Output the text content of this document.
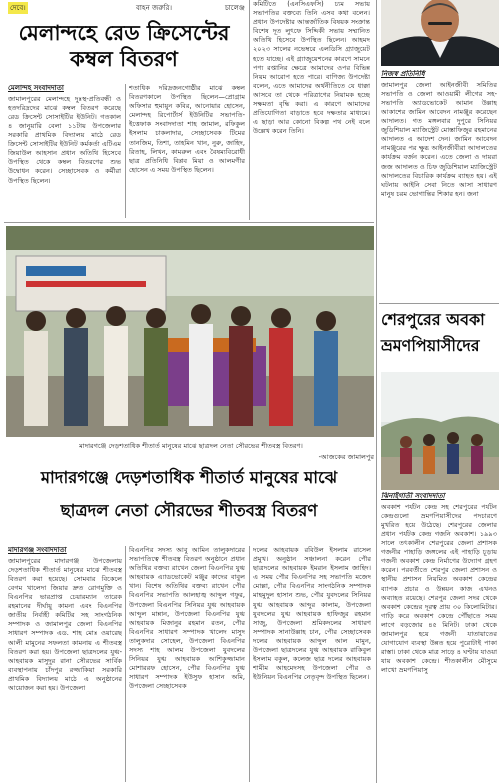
দেবে।	বাহন জরুরি।	চালেঞ্জ
মেলান্দহে রেড ক্রিসেন্টের
কম্বল বিতরণ

মেলান্দহ সংবাদদাতা

জামালপুরের মেলান্দহে দুঃস্থ-প্রতিবন্ধী ও হতদরিদ্রদের মাঝে কম্বল বিতরণ করেছে রেড ক্রিসেন্ট সোসাইটির ইউনিট। গতকাল ৪ জানুয়ারি বেলা ১১টায় উপজেলার সরকারি প্রাথমিক বিদ্যালয় মাঠে রেড ক্রিসেন্ট সোসাইটির ইউনিট কর্মকর্তা এটিএম জিয়াউল আহসান প্রধান অতিথি হিসেবে উপস্থিত থেকে কম্বল বিতরণের শুভ উদ্বোধন করেন। সেচ্ছাসেবক ও কর্মীরা উপস্থিত ছিলেন।

শতাধিক দরিদ্রজনগোষ্ঠীর মাঝে কম্বল বিতরণকালে উপস্থিত ছিলেন—প্রোগ্রাম অফিসার হুমায়ুন কবির, আনোয়ার হোসেন, মেলান্দহ রিপোর্টার্স ইউনিটির সভাপতি-ইত্তেফাক সংবাদদাতা শাহ জামাল, রফিকুল ইসলাম চাকলাদার, সেচ্ছাসেবক টিমের তানজিম, তিশা, তাহমিন খান, নুরু, জাহিদ, রিতাহ, লিখন, কামরুল এবং বৈষম্যবিরোধী ছাত্র প্রতিনিধি বিপ্লব মিয়া ও আলমগীর হোসেন এ সময় উপস্থিত ছিলেন।

কমিটিতে (এনসিএফসি) চ্যম সভায় সভাপতির বক্তব্যে তিনি এসব কথা বলেন। প্রধান উপদেষ্টার আন্তর্জাতিক বিষয়ক সংক্রান্ত বিশেষ দূত লুৎফে সিদ্দিকী সভায় সম্মানিত অতিথি হিসেবে উপস্থিত ছিলেন। আহমদ ২০২৩ সালের নভেম্বরে এলডিসি গ্র্যাজুয়েট হতে যাচ্ছে। এই গ্র্যাজুয়েশনের কারণে সামনে পণ্য রপ্তানির ক্ষেত্রে আমাদের ওপর বিভিন্ন নিয়ম আরোপ হতে পারে। বাণিজ্য উপদেষ্টা বলেন, এতে আমাদের অর্থনীতিতে যে ধাক্কা আসবে তা থেকে পরিত্রাণের নিয়ামক হচ্ছে সক্ষমতা বৃদ্ধি করা। এ কারণে আমাদের প্রতিযোগিতা বাড়াতে হবে দক্ষতার মাধ্যমে। এ ছাড়া আর কোনো বিকল্প পথ নেই বলে উল্লেখ করেন তিনি।

নিজস্ব প্রতিনিধি

জামালপুর জেলা আইনজীবী সমিতির সভাপতি ও জেলা আওয়ামী লীগের সহ-সভাপতি অ্যাডভোকেট আমান উল্লাহ আকাশের জামিন আবেদন নামঞ্জুর করেছেন আদালত। গত মঙ্গলবার দুপুরে সিনিয়র জুডিশিয়াল ম্যাজিস্ট্রেট মোস্তাফিজুর রহমানের আদালত এ আদেশ দেন। জামিন আবেদন নামঞ্জুরের পর ক্ষুব্ধ আইনজীবীরা আদালতের কার্যক্রম বর্জন করেন। এতে জেলা ও দায়রা জজ আদালত ও চিফ জুডিশিয়াল ম্যাজিস্ট্রেট আদালতের বিচারিক কার্যক্রম ব্যাহত হয়। এই ঘটনায় আইনি সেবা নিতে আসা সাধারণ মানুষ চরম ভোগান্তির শিকার হন। জনা

শেরপুরের অবকা
ভ্রমণপিয়াসীদের

ঝিনাইগাতী সংবাদদাতা

অবকাশ পর্যটন কেন্দ্র সহ শেরপুরের পর্যটন কেন্দ্রগুলো ভ্রমণপিয়াসীদের পদচারণে মুখরিত হয়ে উঠেছে। শেরপুরের জেলার প্রধান পর্যটক কেন্দ্র গজনি অবকাশ। ১৯৯৩ সালে তৎকালীন শেরপুরের জেলা প্রশাসক গজনীর পাহাড়ি জঙ্গলের এই পাহাড়ি চূড়ায় গজনী অবকাশ কেন্দ্র নির্মাণের উদ্যোগ গ্রহণ করেন। পরবর্তীতে শেরপুর জেলা প্রশাসন ও স্থানীয় প্রশাসন নিয়মিত অবকাশ কেন্দ্রের ব্যাপক প্রচার ও উন্নয়ন কাজ এখনও অব্যাহত রয়েছে। শেরপুর জেলা সদর থেকে অবকাশ কেন্দ্রের দূরত্ব প্রায় ৩০ কিলোমিটার। গাড়ি করে অবকাশ কেন্দ্রে পৌঁছাতে সময় লাগে বড়জোর ৪৫ মিনিট। ঢাকা থেকে জামালপুর হয়ে গজনী যাতায়াতের যোগাযোগ ব্যবস্থা উন্নত হয়ে পুরোটাই পাকা রাস্তা। ঢাকা থেকে মাত্র সাড়ে ৪ ঘণ্টায় যাওয়া যায় অবকাশ কেন্দ্রে। শীতকালীন মৌসুমে লাখো ভ্রমণপিয়াসু

মাদারগঞ্জে দেড়শতাধিক শীতার্ত মানুষের মাঝে ছাত্রদল নেতা সৌরভের শীতবস্ত্র বিতরণ।
-আজকের জামালপুর
মাদারগঞ্জে দেড়শতাধিক শীতার্ত মানুষের মাঝে
ছাত্রদল নেতা সৌরভের শীতবস্ত্র বিতরণ

মাদারগঞ্জ সংবাদদাতা

জামালপুরের মাদারগঞ্জ উপজেলায় দেড়শতাধিক শীতার্ত মানুষের মাঝে শীতবস্ত্র বিতরণ করা হয়েছে। সোমবার বিকেলে বেগম খালেদা জিয়ার দ্রুত রোগমুক্তি ও বিএনপির ভারপ্রাপ্ত চেয়ারম্যান তারেক রহমানের দীর্ঘায়ু কামনা এবং বিএনপির জাতীয় নির্বাহী কমিটির সহ সাংগঠনিক সম্পাদক ও জামালপুর জেলা বিএনপির সাধারণ সম্পাদক এড. শাহ মোঃ ওয়ারেছ আলী মামুনের সফলতা কামনায় এ শীতবস্ত্র বিতরণ করা হয়। উপজেলা ছাত্রদলের যুগ্ম-আহবায়ক মাসুদুর রানা সৌরভের সার্বিক ব্যবস্থাপনায় চাঁদপুর রজ্জাকিয়া সরকারি প্রাথমিক বিদ্যালয় মাঠে এ অনুষ্ঠানের আয়োজন করা হয়। উপজেলা

বিএনপির সদস্য আবু আমিন তালুকদারের সভাপতিত্বে শীতবস্ত্র বিতরণ অনুষ্ঠানে প্রধান অতিথির বক্তব্য রাখেন জেলা বিএনপির যুগ্ম আহবায়ক এ্যাডভোকেট মঞ্জুর কাদের বাবুল খান। বিশেষ অতিথির বক্তব্য রাখেন পৌর বিএনপির সভাপতি আলহাজ্ব আব্দুল গফুর, উপজেলা বিএনপির সিনিয়র যুগ্ম আহবায়ক আব্দুল মান্নান, উপজেলা বিএনপির যুগ্ম আহবায়ক মিজানুর রহমান রতন, পৌর বিএনপির সাধারণ সম্পাদক খালেদ মাসুদ তালুকদার সোহেল, উপজেলা বিএনপির সদস্য শাহ আলম উপজেলা যুবদলের সিনিয়র যুগ্ম আহবায়ক আশিকুজ্জামান মোশাররফ হোসেন, পৌর বিএনপির যুগ্ম সাধারণ সম্পাদক ইউসুফ হাসান অমি, উপজেলা সেচ্ছাসেবক

দলের আহবায়ক রবিউল ইসলাম রাসেল প্রমুখ। অনুষ্ঠান সঞ্চালনা করেন পৌর ছাত্রদলের আহবায়ক ইমরান ইসলাম জাহিদ। এ সময় পৌর বিএনপির সহ সভাপতি মজেদ মোল্লা, পৌর বিএনপির সাংগঠনিক সম্পাদক মাহমুদুল হাসান শুভ, পৌর যুবদলের সিনিয়র যুগ্ম আহবায়ক আব্দুর কালাম, উপজেলা যুবদলের যুগ্ম আহবায়ক হাফিজুর রহমান সাজু, উপজেলা শ্রমিকদলের সাধারণ সম্পাদক সানাউল্লাহ চান, পৌর সেচ্ছাসেবক দলের আহবায়ক আব্দুল আল মামুন, উপজেলা ছাত্রদলের যুগ্ম আহবায়ক রাকিবুল ইসলাম বকুল, কলেজ ছাত্র দলের আহবায়ক শামীম আহমেদসহ উপজেলা পৌর ও ইউনিয়ন বিএনপির নেতৃবৃন্দ উপস্থিত ছিলেন।
